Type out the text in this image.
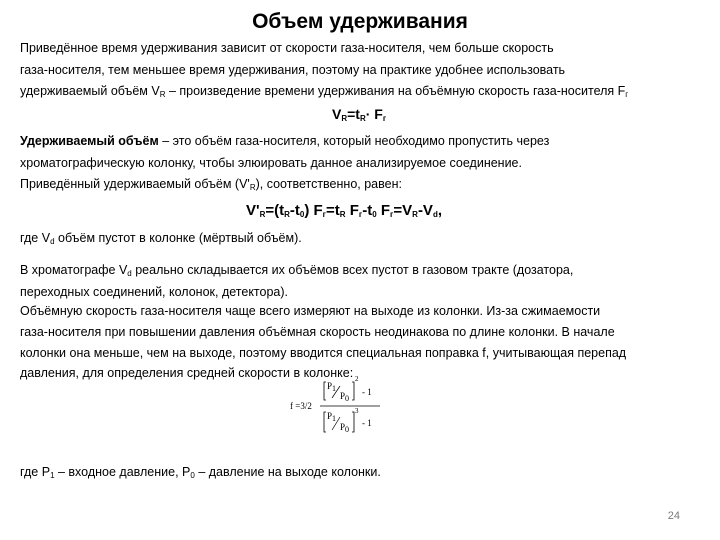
Объем удерживания
Приведённое время удерживания зависит от скорости газа-носителя, чем больше скорость
газа-носителя, тем меньшее время удерживания, поэтому на практике удобнее использовать
удерживаемый объём $V_R$ – произведение времени удерживания на объёмную скорость газа-носителя $F_г$
$V_R=t_R\cdot F_г$
Удерживаемый объём – это объём газа-носителя, который необходимо пропустить через
хроматографическую колонку, чтобы элюировать данное анализируемое соединение.
Приведённый удерживаемый объём $(V'_R)$, соответственно, равен:
$V'_R=(t_R-t_0)$ $F_г=t_R$ $F_г-t_0$ $F_г=V_R-V_d$,
где $V_d$ объём пустот в колонке (мёртвый объём).
В хроматографе $V_d$ реально складывается их объёмов всех пустот в газовом тракте (дозатора,
переходных соединений, колонок, детектора).
Объёмную скорость газа-носителя чаще всего измеряют на выходе из колонки. Из-за сжимаемости
газа-носителя при повышении давления объёмная скорость неодинакова по длине колонки. В начале
колонки она меньше, чем на выходе, поэтому вводится специальная поправка f, учитывающая перепад
давления, для определения средней скорости в колонке:
f =3/2
$P_1$
$P_0$
2
- 1
$P_1$
$P_0$
3
- 1
где $P_1$ – входное давление, $P_0$ – давление на выходе колонки.
24
